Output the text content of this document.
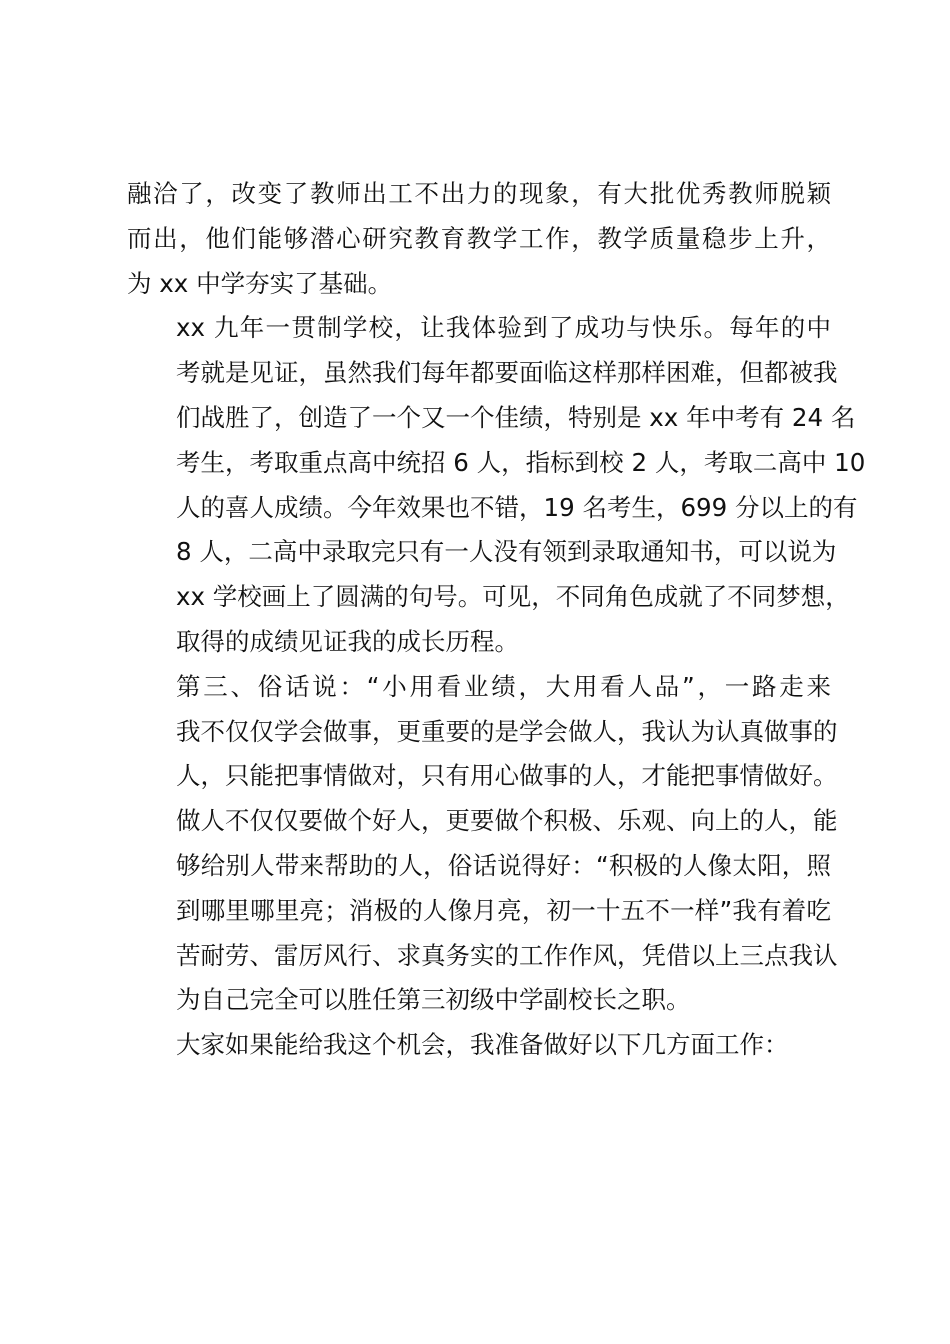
融洽了，改变了教师出工不出力的现象，有大批优秀教师脱颖
而出，他们能够潜心研究教育教学工作，教学质量稳步上升，
为 xx 中学夯实了基础。

xx 九年一贯制学校，让我体验到了成功与快乐。每年的中
考就是见证，虽然我们每年都要面临这样那样困难，但都被我
们战胜了，创造了一个又一个佳绩，特别是 xx 年中考有 24 名
考生，考取重点高中统招 6 人，指标到校 2 人，考取二高中 10
人的喜人成绩。今年效果也不错，19 名考生，699 分以上的有
8 人，二高中录取完只有一人没有领到录取通知书，可以说为
xx 学校画上了圆满的句号。可见，不同角色成就了不同梦想，
取得的成绩见证我的成长历程。

第三、俗话说：“小用看业绩，大用看人品”，一路走来
我不仅仅学会做事，更重要的是学会做人，我认为认真做事的
人，只能把事情做对，只有用心做事的人，才能把事情做好。
做人不仅仅要做个好人，更要做个积极、乐观、向上的人，能
够给别人带来帮助的人，俗话说得好：“积极的人像太阳，照
到哪里哪里亮；消极的人像月亮，初一十五不一样”我有着吃
苦耐劳、雷厉风行、求真务实的工作作风，凭借以上三点我认
为自己完全可以胜任第三初级中学副校长之职。

大家如果能给我这个机会，我准备做好以下几方面工作：
